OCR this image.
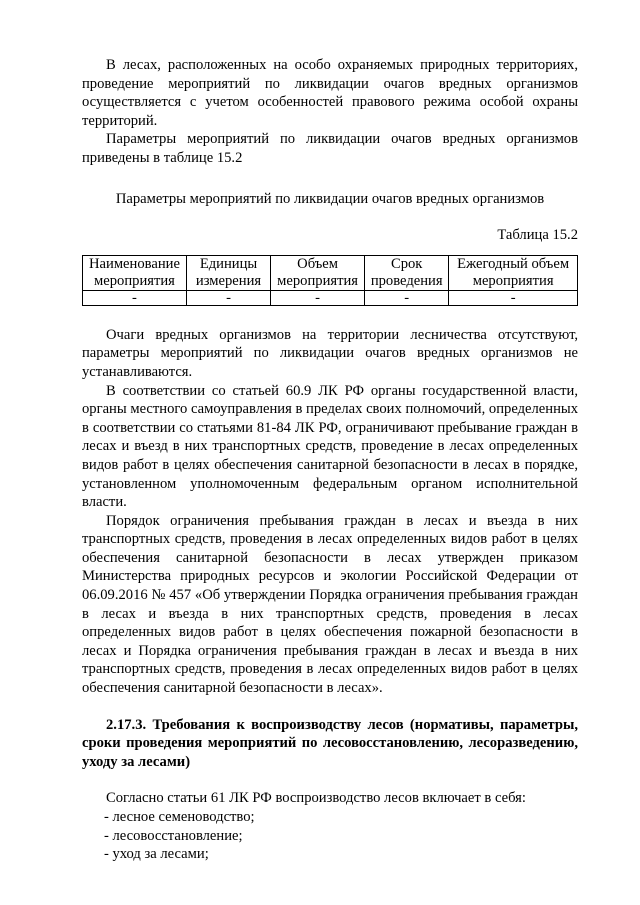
В лесах, расположенных на особо охраняемых природных территориях, проведение мероприятий по ликвидации очагов вредных организмов осуществляется с учетом особенностей правового режима особой охраны территорий.

Параметры мероприятий по ликвидации очагов вредных организмов приведены в таблице 15.2

Параметры мероприятий по ликвидации очагов вредных организмов

Таблица 15.2

Наименование мероприятия	Единицы измерения	Объем мероприятия	Срок проведения	Ежегодный объем мероприятия
-	-	-	-	-

Очаги вредных организмов на территории лесничества отсутствуют, параметры мероприятий по ликвидации очагов вредных организмов не устанавливаются.

В соответствии со статьей 60.9 ЛК РФ органы государственной власти, органы местного самоуправления в пределах своих полномочий, определенных в соответствии со статьями 81-84 ЛК РФ, ограничивают пребывание граждан в лесах и въезд в них транспортных средств, проведение в лесах определенных видов работ в целях обеспечения санитарной безопасности в лесах в порядке, установленном уполномоченным федеральным органом исполнительной власти.

Порядок ограничения пребывания граждан в лесах и въезда в них транспортных средств, проведения в лесах определенных видов работ в целях обеспечения санитарной безопасности в лесах утвержден приказом Министерства природных ресурсов и экологии Российской Федерации от 06.09.2016 № 457 «Об утверждении Порядка ограничения пребывания граждан в лесах и въезда в них транспортных средств, проведения в лесах определенных видов работ в целях обеспечения пожарной безопасности в лесах и Порядка ограничения пребывания граждан в лесах и въезда в них транспортных средств, проведения в лесах определенных видов работ в целях обеспечения санитарной безопасности в лесах».

2.17.3. Требования к воспроизводству лесов (нормативы, параметры, сроки проведения мероприятий по лесовосстановлению, лесоразведению, уходу за лесами)

Согласно статьи 61 ЛК РФ воспроизводство лесов включает в себя:

- лесное семеноводство;

- лесовосстановление;

- уход за лесами;
